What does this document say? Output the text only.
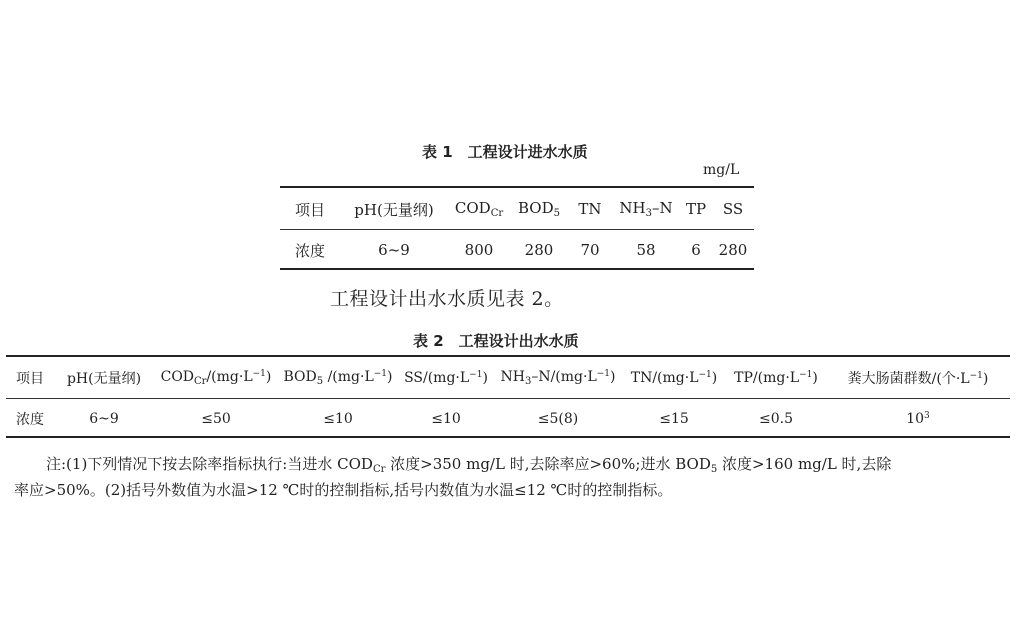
表 1　工程设计进水水质
mg/L
项目	pH(无量纲)	$COD_{Cr}$	$BOD_5$	TN	$NH_3-N$	TP	SS
浓度	6~9	800	280	70	58	6	280
工程设计出水水质见表 2。
表 2　工程设计出水水质
项目	pH(无量纲)	$COD_{Cr}/(mg\cdot L^{-1})$	$BOD_5$ $/(mg\cdot L^{-1})$	$SS/(mg\cdot L^{-1})$	$NH_3-N/(mg\cdot L^{-1})$	$TN/(mg\cdot L^{-1})$	$TP/(mg\cdot L^{-1})$	粪大肠菌群数/(个$\cdot L^{-1}$)
浓度	6~9	≤50	≤10	≤10	≤5(8)	≤15	≤0.5	$10^3$
注:(1)下列情况下按去除率指标执行:当进水 $COD_{Cr}$ 浓度>350 mg/L 时,去除率应>60%;进水 $BOD_5$ 浓度>160 mg/L 时,去除
率应>50%。(2)括号外数值为水温>12 ℃时的控制指标,括号内数值为水温≤12 ℃时的控制指标。
